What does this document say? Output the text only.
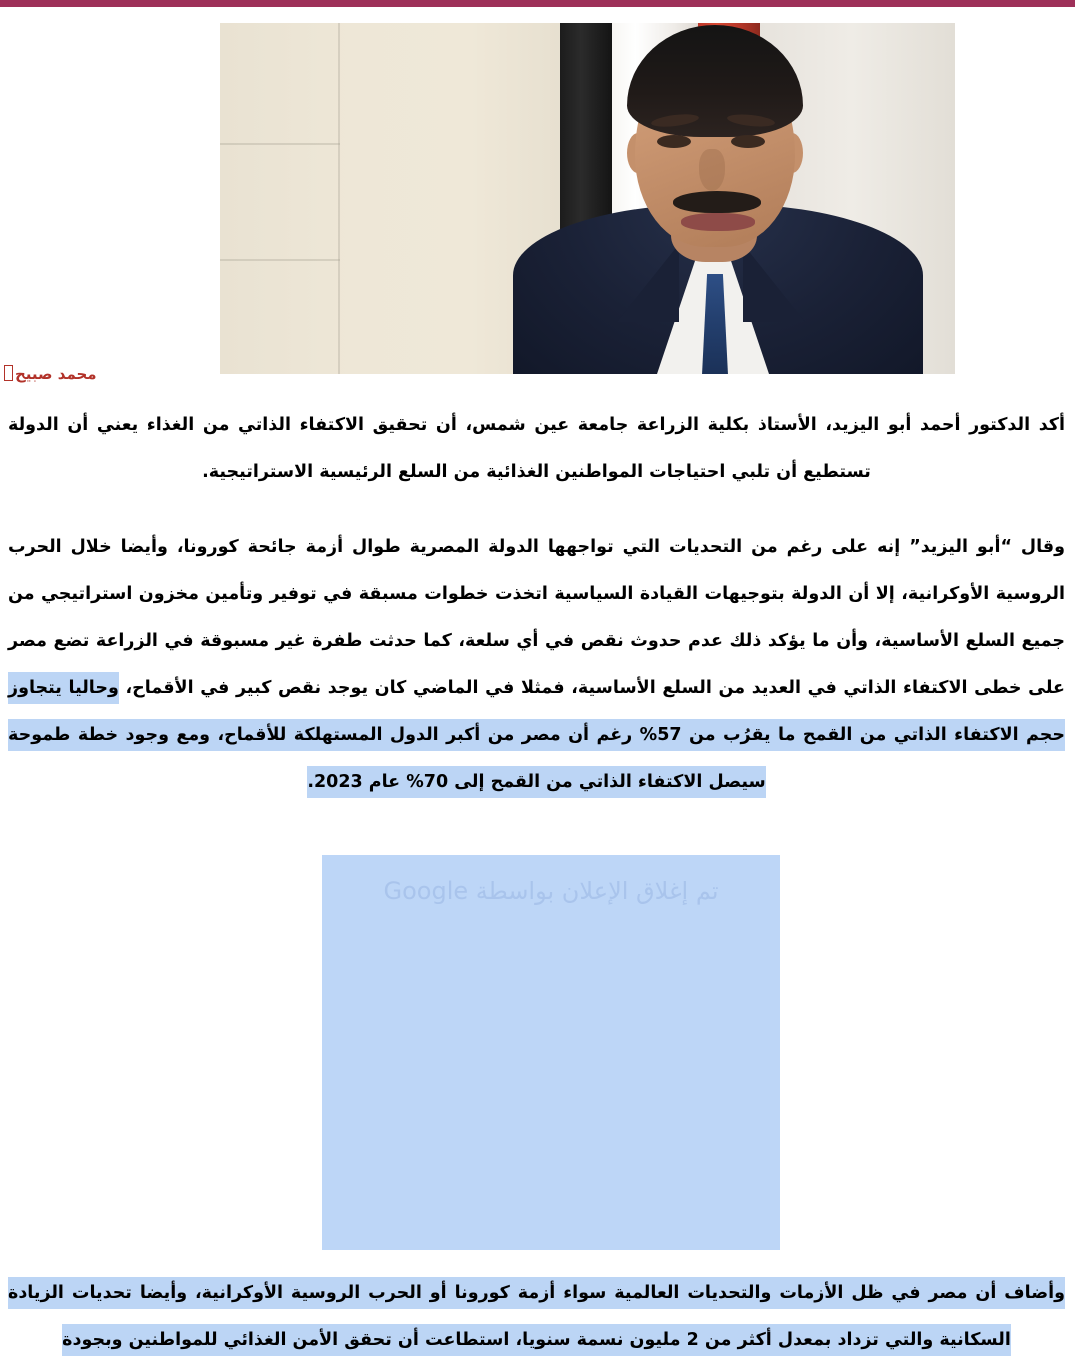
محمد صبيح

أكد الدكتور أحمد أبو اليزيد، الأستاذ بكلية الزراعة جامعة عين شمس، أن تحقيق الاكتفاء الذاتي من الغذاء يعني أن الدولة تستطيع أن تلبي احتياجات المواطنين الغذائية من السلع الرئيسية الاستراتيجية.

وقال “أبو اليزيد” إنه على رغم من التحديات التي تواجهها الدولة المصرية طوال أزمة جائحة كورونا، وأيضا خلال الحرب الروسية الأوكرانية، إلا أن الدولة بتوجيهات القيادة السياسية اتخذت خطوات مسبقة في توفير وتأمين مخزون استراتيجي من جميع السلع الأساسية، وأن ما يؤكد ذلك عدم حدوث نقص في أي سلعة، كما حدثت طفرة غير مسبوقة في الزراعة تضع مصر على خطى الاكتفاء الذاتي في العديد من السلع الأساسية، فمثلا في الماضي كان يوجد نقص كبير في الأقماح، وحاليا يتجاوز حجم الاكتفاء الذاتي من القمح ما يقرُب من 57% رغم أن مصر من أكبر الدول المستهلكة للأقماح، ومع وجود خطة طموحة سيصل الاكتفاء الذاتي من القمح إلى 70% عام 2023.

تم إغلاق الإعلان بواسطة Google

وأضاف أن مصر في ظل الأزمات والتحديات العالمية سواء أزمة كورونا أو الحرب الروسية الأوكرانية، وأيضا تحديات الزيادة السكانية والتي تزداد بمعدل أكثر من 2 مليون نسمة سنويا، استطاعت أن تحقق الأمن الغذائي للمواطنين وبجودة
